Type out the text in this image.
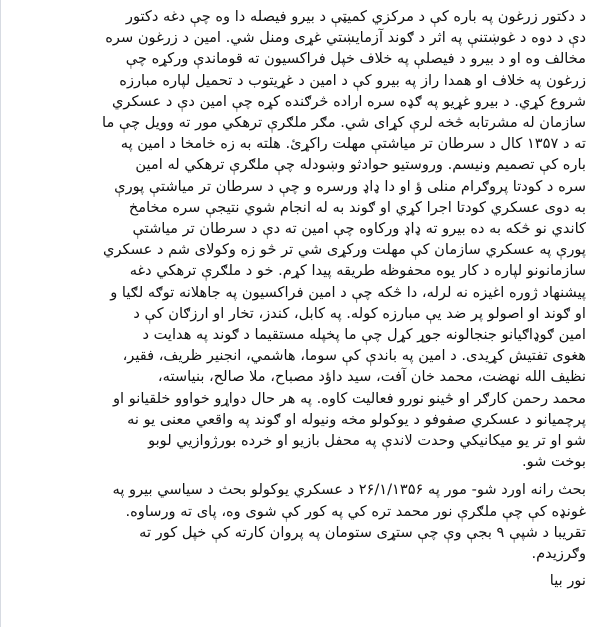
د دکتور زرغون په باره کې د مرکزي کميټې د بيرو فيصله دا وه چې دغه دکتور

دې د دوه د غوښتنې په اثر د ګوند آزمايښتي غړی ومنل شي. امين د زرغون سره

مخالف وه او د بيرو د فيصلې په خلاف خپل فراکسيون ته قوماندې ورکړه چې

زرغون په خلاف او همدا راز په بيرو کې د امين د غړيتوب د تحميل لپاره مبارزه

شروع کړي. د بيرو غړيو په ګډه سره اراده څرګنده کړه چې امين دې د عسکري

سازمان له مشرتابه څخه لرې کړای شي. مګر ملګرې ترهکي مور ته وويل چې ما

ته د ۱۳۵۷ کال د سرطان تر مياشتې مهلت راکړئ. هلته به زه خامخا د امين په

باره کې تصميم ونيسم. وروستيو حوادثو وښودله چې ملګرې ترهکي له امين

سره د کودتا پروګرام منلی ؤ او دا ډاډ ورسره و چې د سرطان تر مياشتې پورې

به دوی عسکري کودتا اجرا کړي او ګوند به له انجام شوي نتيجې سره مخامخ

کاندي نو څکه به ده بيرو ته ډاډ ورکاوه چې امين ته دې د سرطان تر مياشتې

پورې په عسکري سازمان کې مهلت ورکړی شي تر څو زه وکولای شم د عسکري

سازمانونو لپاره د کار يوه محفوظه طريقه پيدا کړم. خو د ملګرې ترهکي دغه

پيشنهاد ژوره اغيزه نه لرله، دا څکه چې د امين فراکسيون په جاهلانه توګه لګيا و

او ګوند او اصولو پر ضد يې مبارزه کوله. په کابل، کندز، تخار او ارزګان کې د

امين ګوډاګيانو جنجالونه جوړ کړل چې ما پخپله مستقيما د ګوند په هدايت د

هغوی تفتيش کړيدی. د امين په باندې کې سوما، هاشمي، انجنير ظريف، فقير،

نظيف الله نهضت، محمد خان آفت، سيد داؤد مصباح، ملا صالح، بنياسته،

محمد رحمن کارګر او څينو نورو فعاليت کاوه. په هر حال دواړو خواوو خلقيانو او

پرچميانو د عسکري صفوفو د يوکولو مخه ونيوله او ګوند په واقعي معنی يو نه

شو او تر يو ميکانيکي وحدت لاندې په محفل بازيو او خرده بورژوازيي لوبو

بوخت شو.

بحث رانه اورد شو- مور په ۲۶/۱/۱۳۵۶ د عسکري يوکولو بحث د سياسي بيرو په

غونډه کې چې ملګرې نور محمد تره کي په کور کې شوی وه، پای ته ورساوه.

تقريبا د شپې ۹ بجې وې چې ستړی ستومان په پروان کارته کې خپل کور ته

وګرزيدم.

نور بيا
